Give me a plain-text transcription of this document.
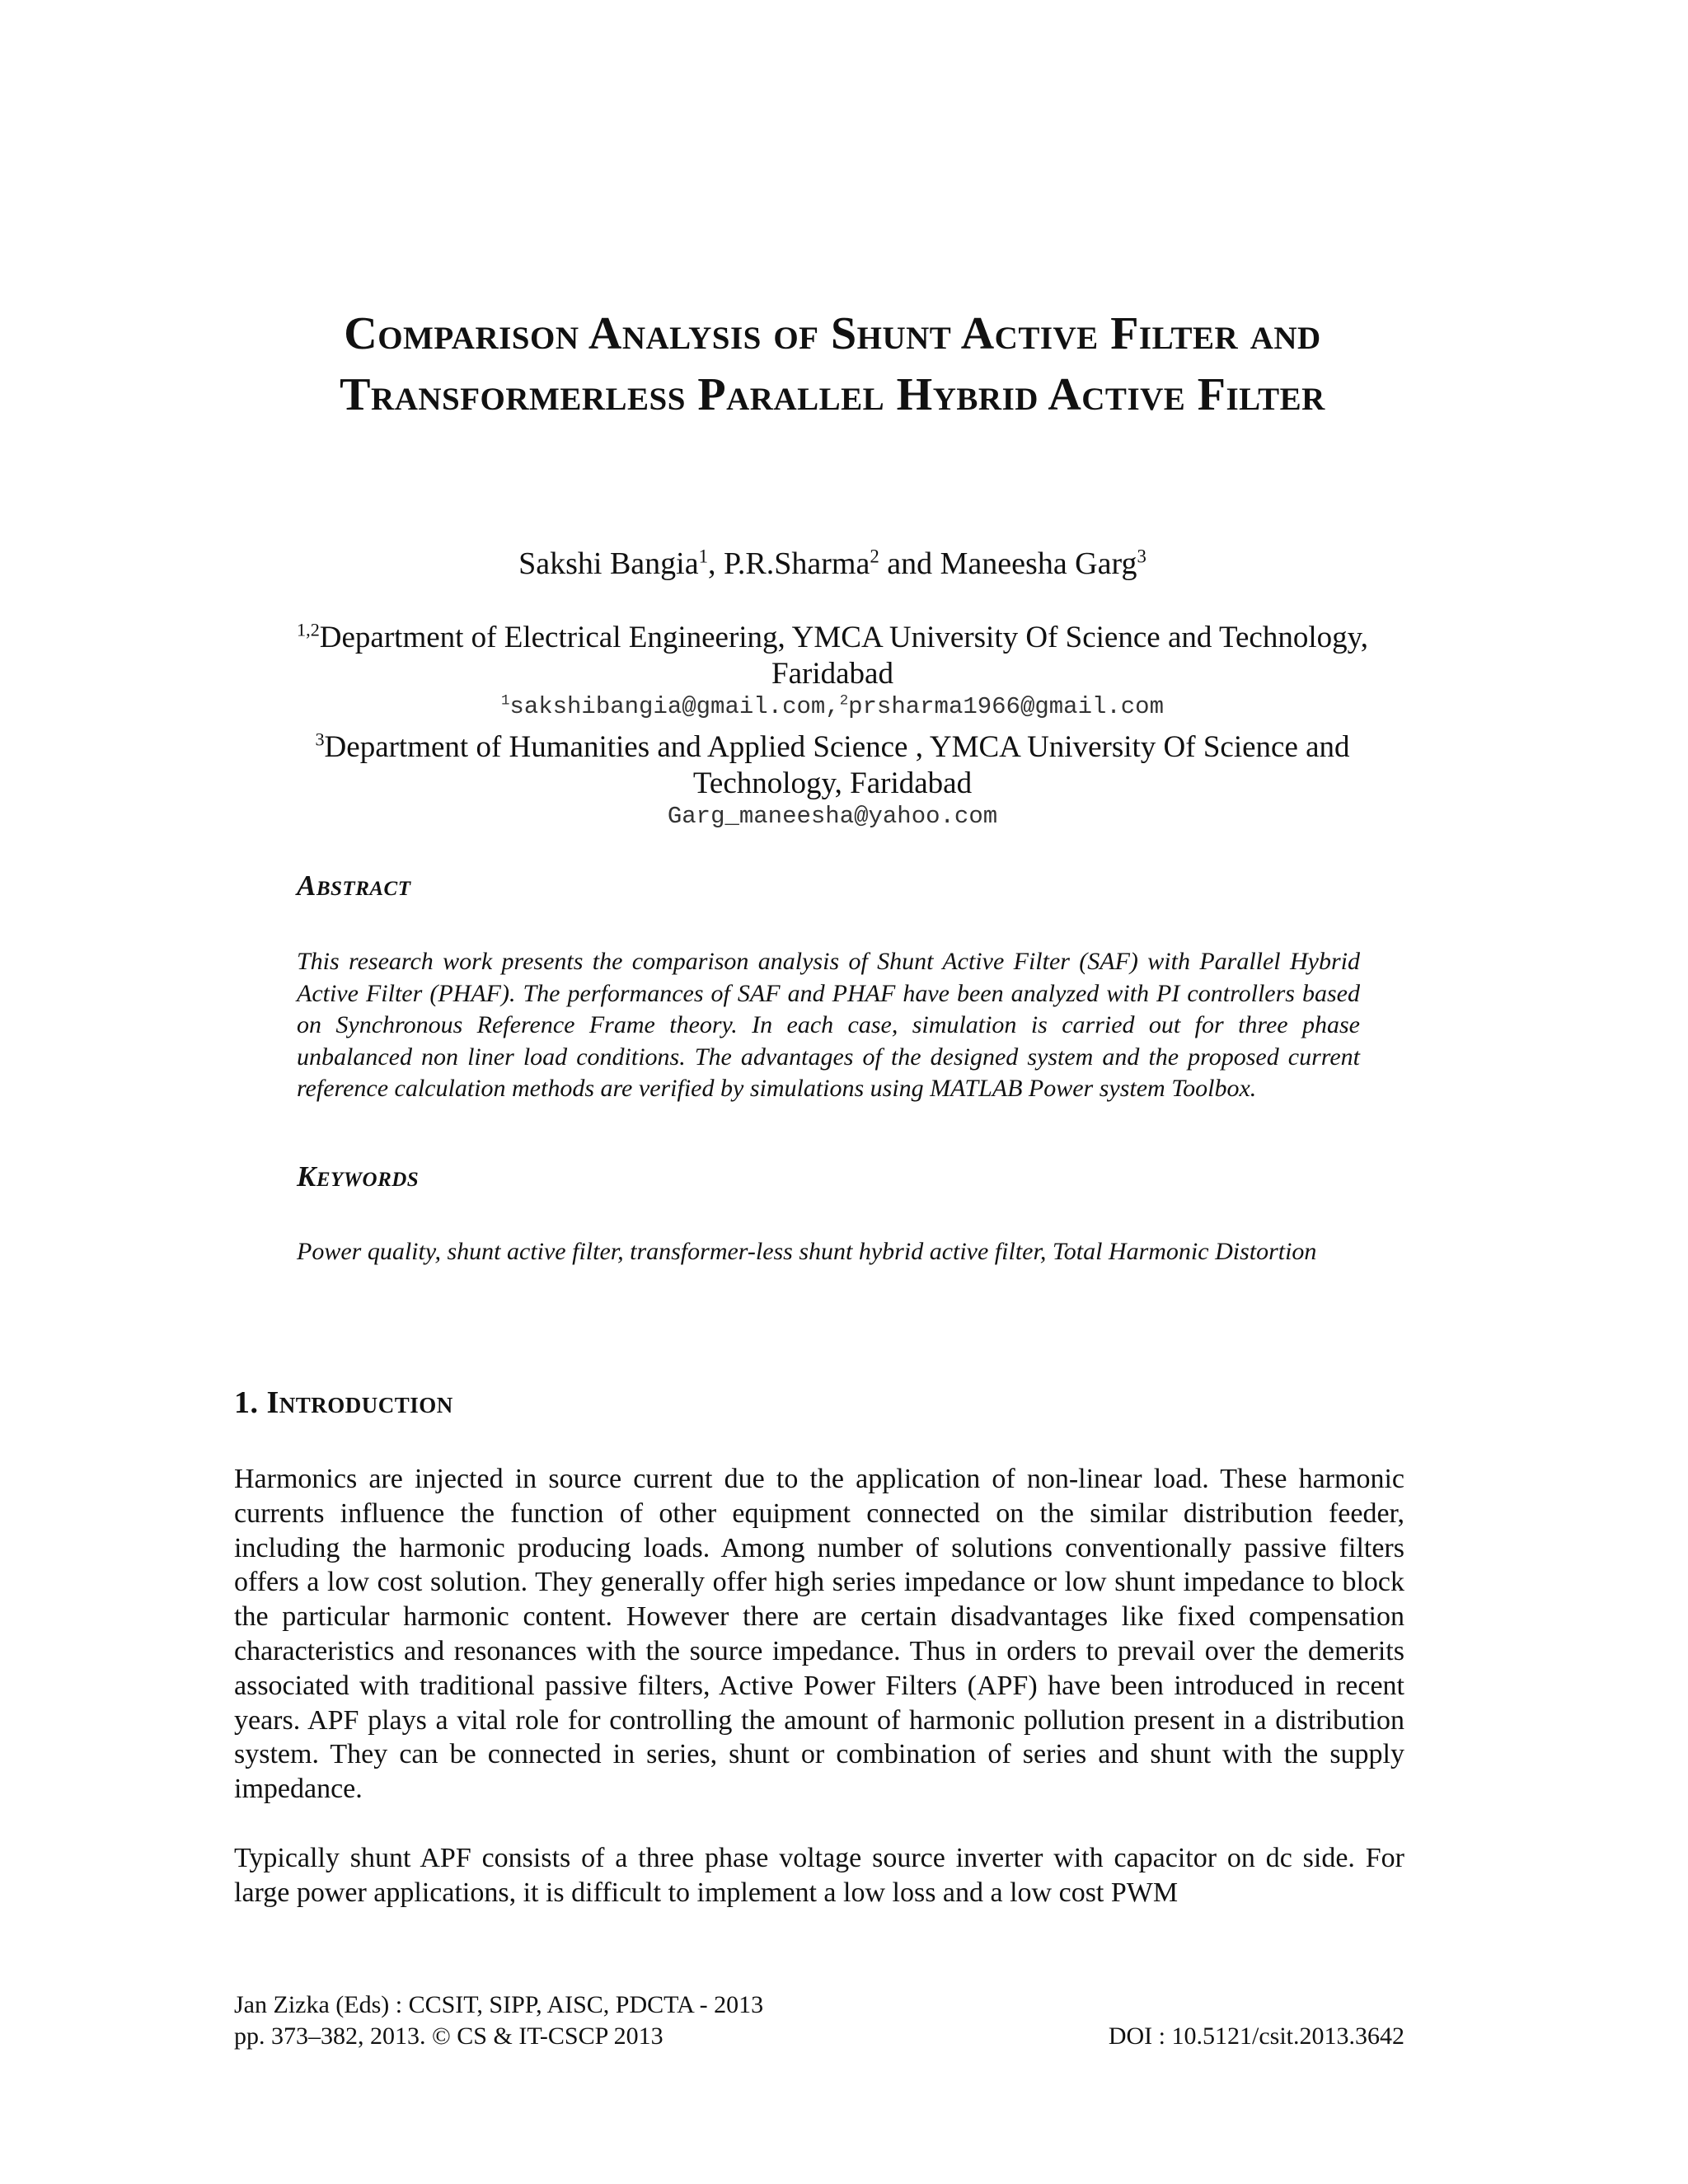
Comparison Analysis of Shunt Active Filter and Transformerless Parallel Hybrid Active Filter
Sakshi Bangia$^1$, P.R.Sharma$^2$ and Maneesha Garg$^3$
$^{1,2}$Department of Electrical Engineering, YMCA University Of Science and Technology, Faridabad
$^1$sakshibangia@gmail.com,$^2$prsharma1966@gmail.com
$^3$Department of Humanities and Applied Science , YMCA University Of Science and Technology, Faridabad
Garg_maneesha@yahoo.com
Abstract
This research work presents the comparison analysis of Shunt Active Filter (SAF) with Parallel Hybrid Active Filter (PHAF). The performances of SAF and PHAF have been analyzed with PI controllers based on Synchronous Reference Frame theory. In each case, simulation is carried out for three phase unbalanced non liner load conditions. The advantages of the designed system and the proposed current reference calculation methods are verified by simulations using MATLAB Power system Toolbox.
Keywords
Power quality, shunt active filter, transformer-less shunt hybrid active filter, Total Harmonic Distortion
1. Introduction
Harmonics are injected in source current due to the application of non-linear load. These harmonic currents influence the function of other equipment connected on the similar distribution feeder, including the harmonic producing loads. Among number of solutions conventionally passive filters offers a low cost solution. They generally offer high series impedance or low shunt impedance to block the particular harmonic content. However there are certain disadvantages like fixed compensation characteristics and resonances with the source impedance. Thus in orders to prevail over the demerits associated with traditional passive filters, Active Power Filters (APF) have been introduced in recent years. APF plays a vital role for controlling the amount of harmonic pollution present in a distribution system. They can be connected in series, shunt or combination of series and shunt with the supply impedance.
Typically shunt APF consists of a three phase voltage source inverter with capacitor on dc side. For large power applications, it is difficult to implement a low loss and a low cost PWM
Jan Zizka (Eds) : CCSIT, SIPP, AISC, PDCTA - 2013
pp. 373–382, 2013. © CS & IT-CSCP 2013	DOI : 10.5121/csit.2013.3642
